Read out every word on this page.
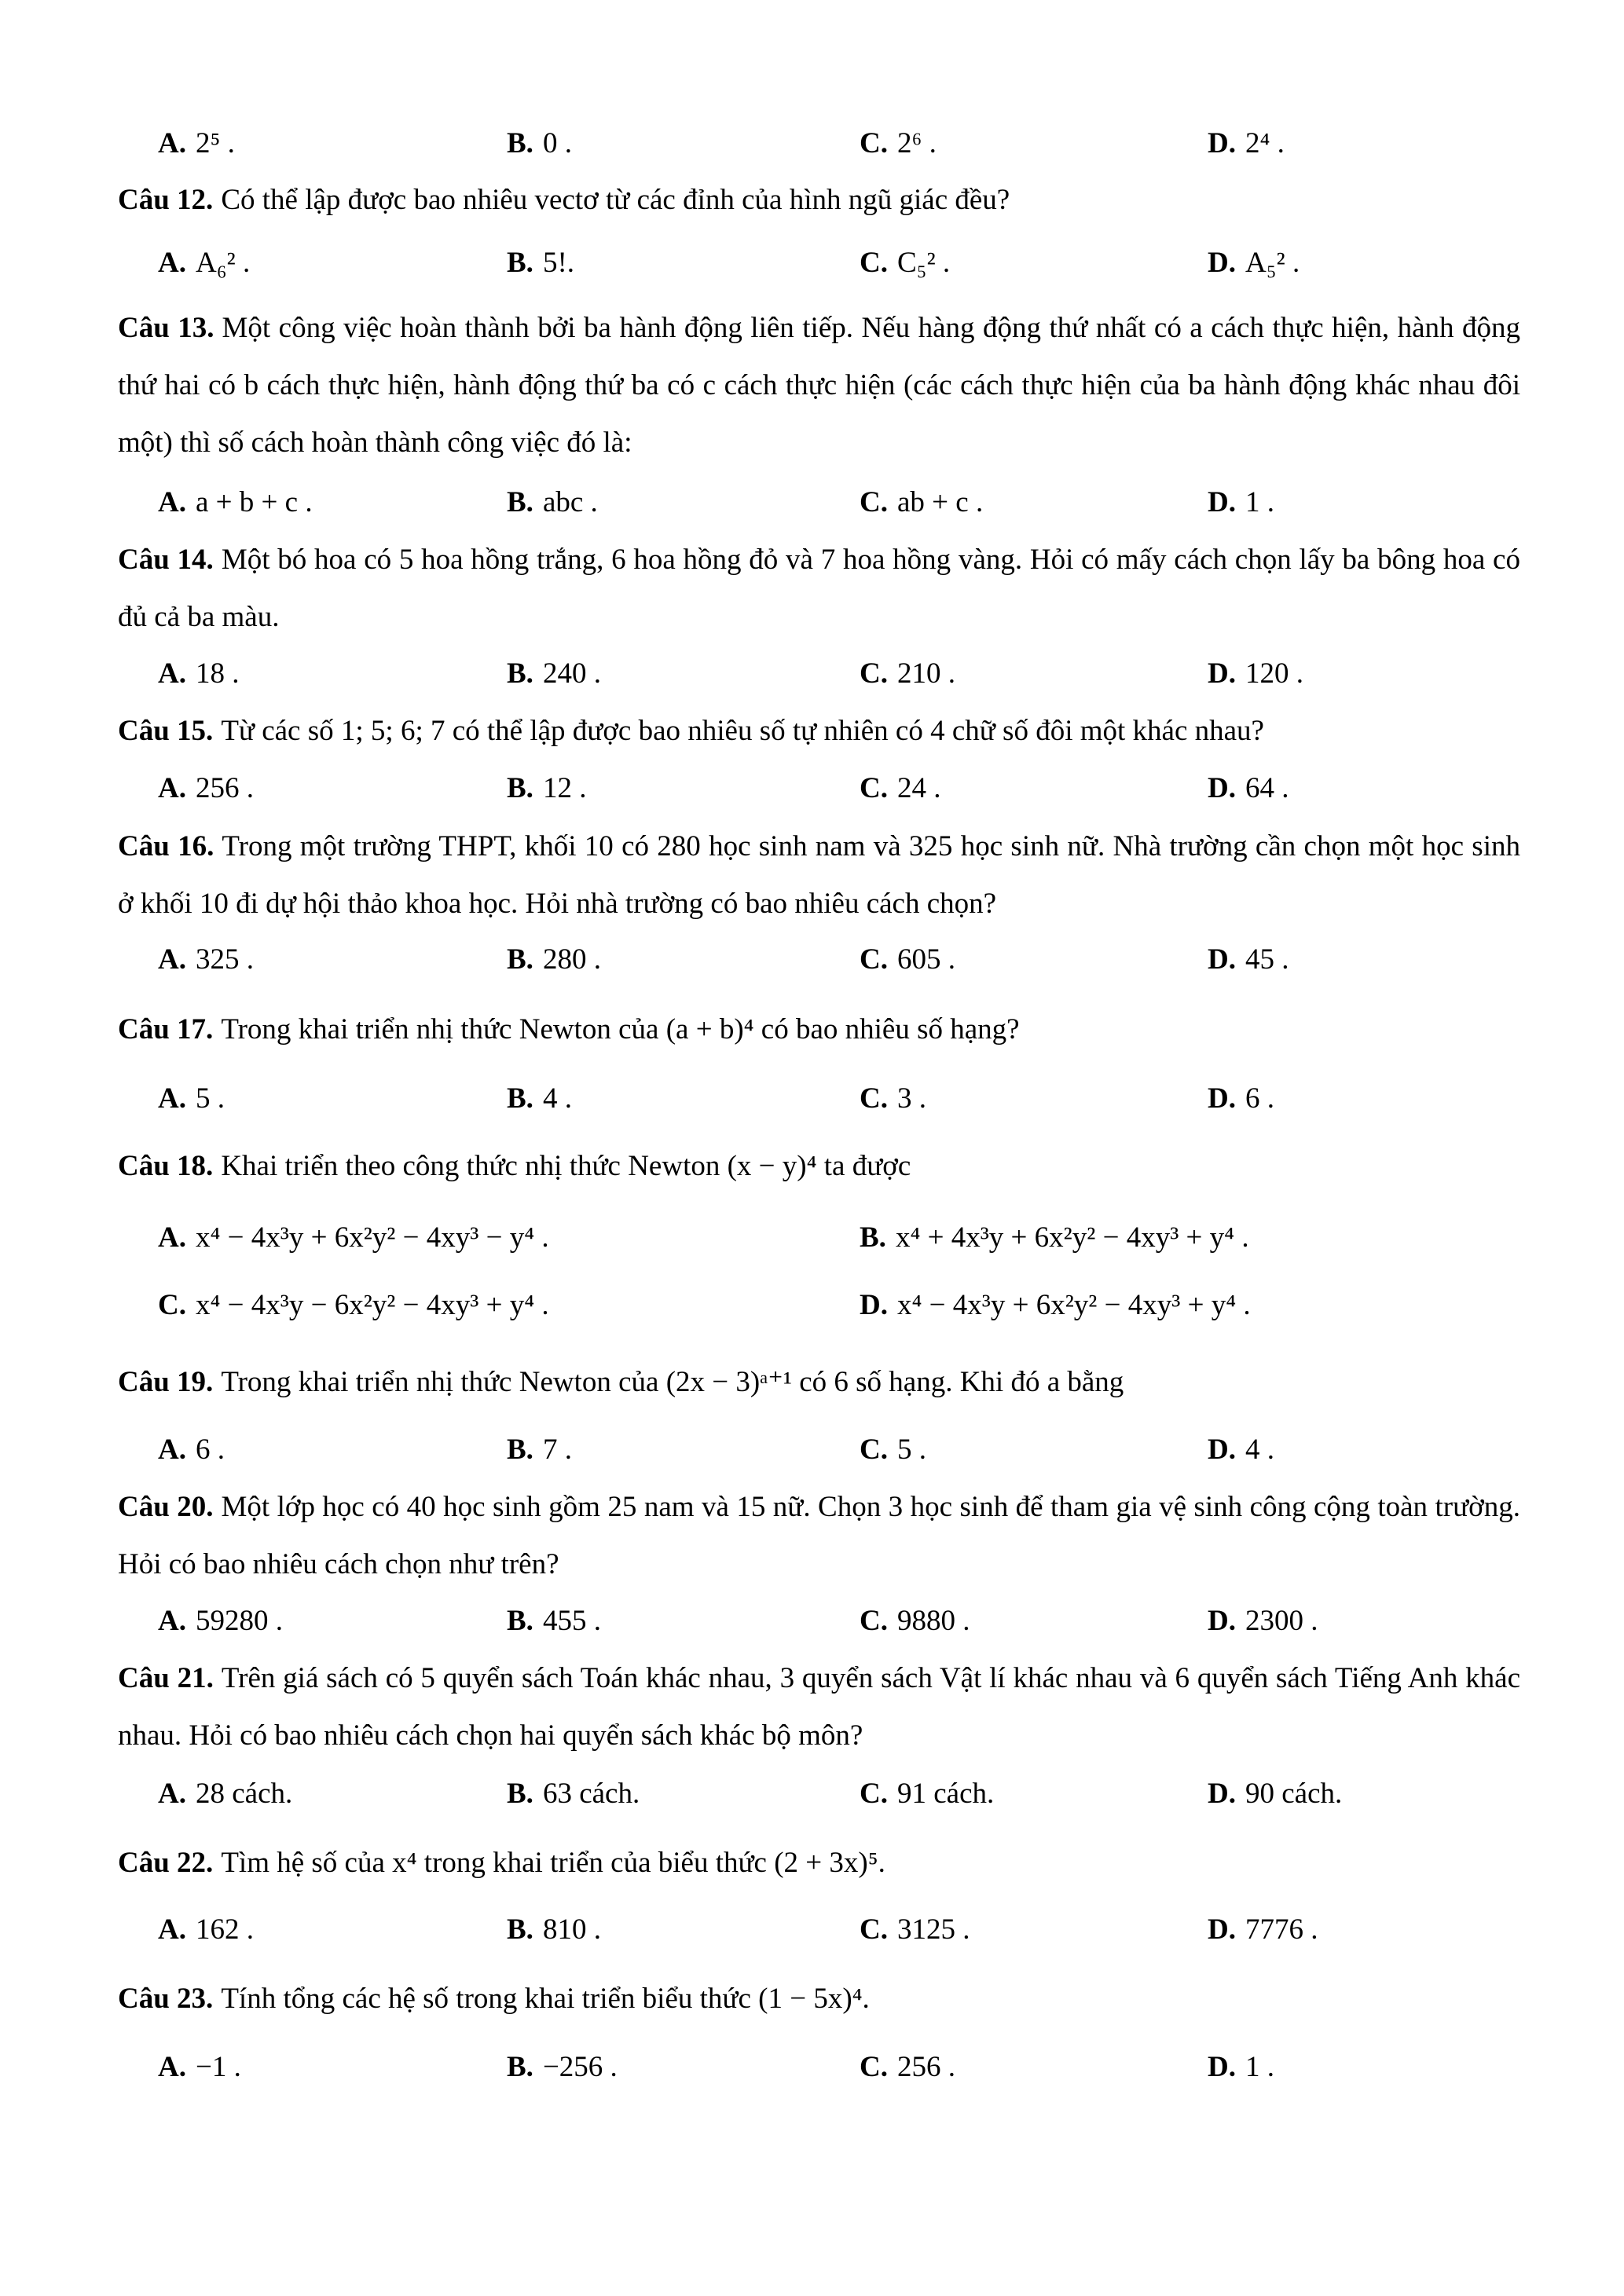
A. 2⁵ .	B. 0 .	C. 2⁶ .	D. 2⁴ .
Câu 12. Có thể lập được bao nhiêu vectơ từ các đỉnh của hình ngũ giác đều?
A. A₆² .	B. 5!.	C. C₅² .	D. A₅² .
Câu 13. Một công việc hoàn thành bởi ba hành động liên tiếp. Nếu hàng động thứ nhất có a cách thực hiện, hành động thứ hai có b cách thực hiện, hành động thứ ba có c cách thực hiện (các cách thực hiện của ba hành động khác nhau đôi một) thì số cách hoàn thành công việc đó là:
A. a + b + c .	B. abc .	C. ab + c .	D. 1 .
Câu 14. Một bó hoa có 5 hoa hồng trắng, 6 hoa hồng đỏ và 7 hoa hồng vàng. Hỏi có mấy cách chọn lấy ba bông hoa có đủ cả ba màu.
A. 18 .	B. 240 .	C. 210 .	D. 120 .
Câu 15. Từ các số 1; 5; 6; 7 có thể lập được bao nhiêu số tự nhiên có 4 chữ số đôi một khác nhau?
A. 256 .	B. 12 .	C. 24 .	D. 64 .
Câu 16. Trong một trường THPT, khối 10 có 280 học sinh nam và 325 học sinh nữ. Nhà trường cần chọn một học sinh ở khối 10 đi dự hội thảo khoa học. Hỏi nhà trường có bao nhiêu cách chọn?
A. 325 .	B. 280 .	C. 605 .	D. 45 .
Câu 17. Trong khai triển nhị thức Newton của (a + b)⁴ có bao nhiêu số hạng?
A. 5 .	B. 4 .	C. 3 .	D. 6 .
Câu 18. Khai triển theo công thức nhị thức Newton (x − y)⁴ ta được
A. x⁴ − 4x³y + 6x²y² − 4xy³ − y⁴ .	B. x⁴ + 4x³y + 6x²y² − 4xy³ + y⁴ .
C. x⁴ − 4x³y − 6x²y² − 4xy³ + y⁴ .	D. x⁴ − 4x³y + 6x²y² − 4xy³ + y⁴ .
Câu 19. Trong khai triển nhị thức Newton của (2x − 3)ᵃ⁺¹ có 6 số hạng. Khi đó a bằng
A. 6 .	B. 7 .	C. 5 .	D. 4 .
Câu 20. Một lớp học có 40 học sinh gồm 25 nam và 15 nữ. Chọn 3 học sinh để tham gia vệ sinh công cộng toàn trường. Hỏi có bao nhiêu cách chọn như trên?
A. 59280 .	B. 455 .	C. 9880 .	D. 2300 .
Câu 21. Trên giá sách có 5 quyển sách Toán khác nhau, 3 quyển sách Vật lí khác nhau và 6 quyển sách Tiếng Anh khác nhau. Hỏi có bao nhiêu cách chọn hai quyển sách khác bộ môn?
A. 28 cách.	B. 63 cách.	C. 91 cách.	D. 90 cách.
Câu 22. Tìm hệ số của x⁴ trong khai triển của biểu thức (2 + 3x)⁵.
A. 162 .	B. 810 .	C. 3125 .	D. 7776 .
Câu 23. Tính tổng các hệ số trong khai triển biểu thức (1 − 5x)⁴.
A. −1 .	B. −256 .	C. 256 .	D. 1 .
